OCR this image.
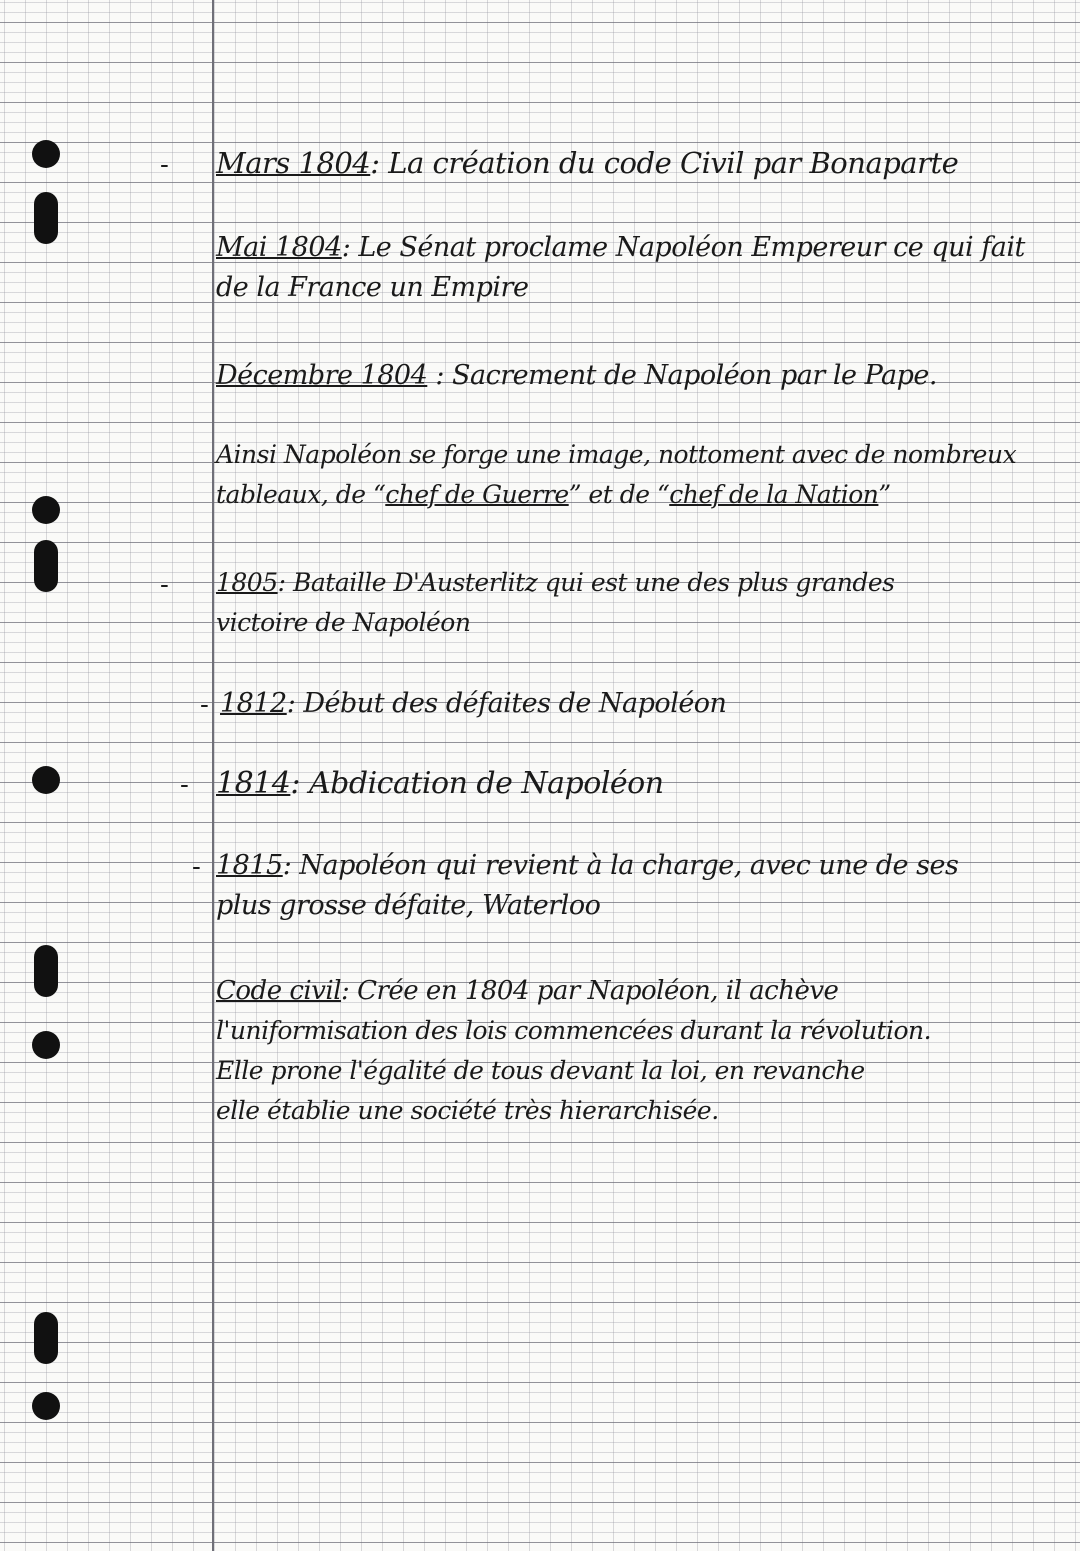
- Mars 1804: La création du code Civil par Bonaparte
Mai 1804: Le Sénat proclame Napoléon Empereur ce qui fait
de la France un Empire
Décembre 1804 : Sacrement de Napoléon par le Pape.
Ainsi Napoléon se forge une image, nottoment avec de nombreux
tableaux, de “chef de Guerre” et de “chef de la Nation”
- 1805: Bataille D'Austerlitz qui est une des plus grandes
victoire de Napoléon
- 1812: Début des défaites de Napoléon
- 1814: Abdication de Napoléon
- 1815: Napoléon qui revient à la charge, avec une de ses
plus grosse défaite, Waterloo
Code civil: Crée en 1804 par Napoléon, il achève
l'uniformisation des lois commencées durant la révolution.
Elle prone l'égalité de tous devant la loi, en revanche
elle établie une société très hierarchisée.
